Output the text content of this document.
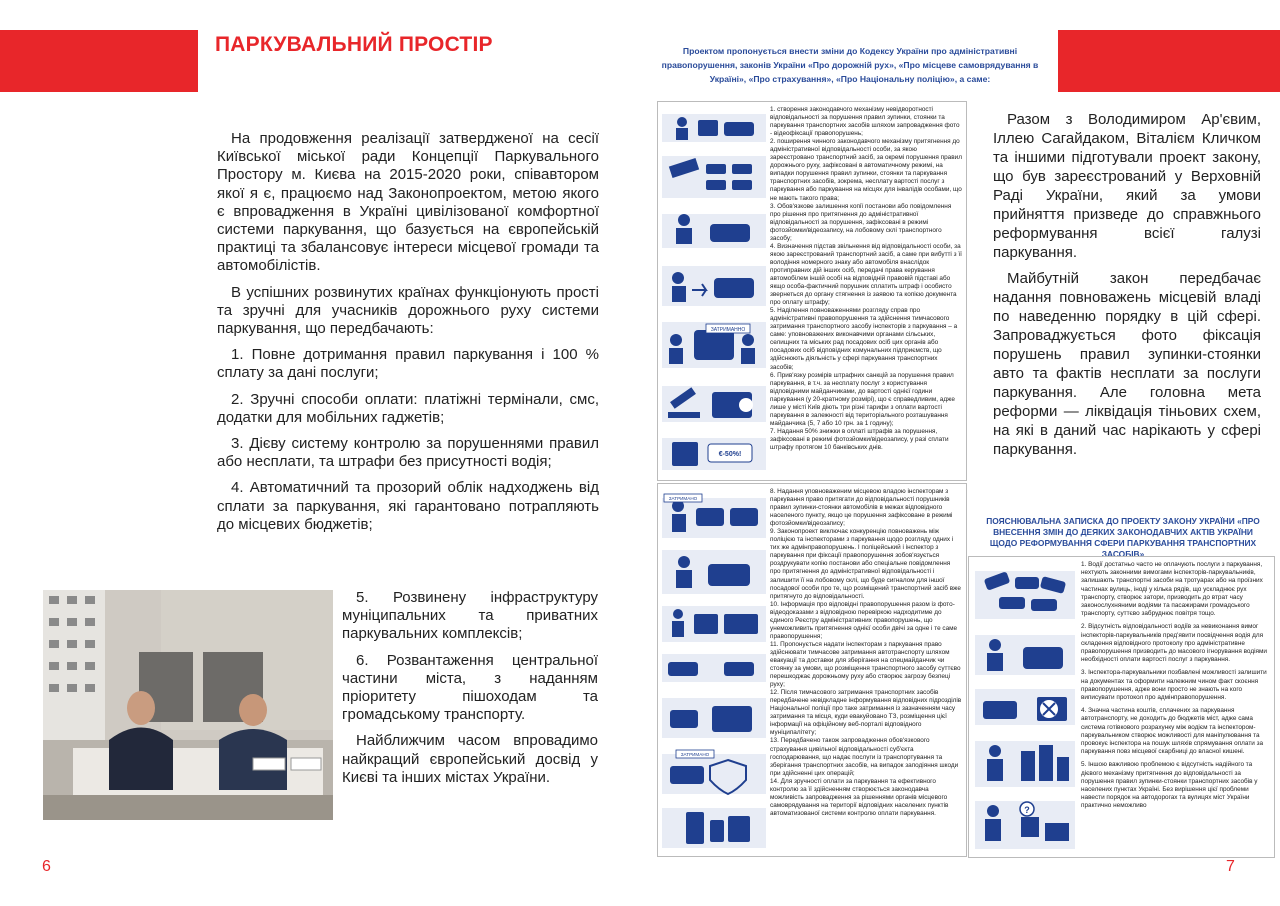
ПАРКУВАЛЬНИЙ ПРОСТІР

На продовження реалізації затвердженої на сесії Київської міської ради Концепції Паркувального Простору м. Києва на 2015-2020 роки, співавтором якої я є, працюємо над Законопроектом, метою якого є впровадження в Україні цивілізованої комфортної системи паркування, що базується на європейській практиці та збалансовує інтереси місцевої громади та автомобілістів.

В успішних розвинутих країнах функціонують прості та зручні для учасників дорожнього руху системи паркування, що передбачають:

1. Повне дотримання правил паркування і 100 % сплату за дані послуги;

2. Зручні способи оплати: платіжні термінали, смс, додатки для мобільних гаджетів;

3. Дієву систему контролю за порушеннями правил або несплати, та штрафи без присутності водія;

4. Автоматичний та прозорий облік надходжень від сплати за паркування, які гарантовано потрапляють до місцевих бюджетів;

5. Розвинену інфраструктуру муніципальних та приватних паркувальних комплексів;

6. Розвантаження центральної частини міста, з наданням пріоритету пішоходам та громадському транспорту.

Найближчим часом впровадимо найкращий європейський досвід у Києві та інших містах України.

6
Проектом пропонується внести зміни до Кодексу України про адміністративні правопорушення, законів України «Про дорожній рух», «Про місцеве самоврядування в Україні», «Про страхування», «Про Національну поліцію», а саме:
ЗАТРИМАННО
€-50%!
1. створення законодавчого механізму невідворотності відповідальності за порушення правил зупинки, стоянки та паркування транспортних засобів шляхом запровадження фото - відеофіксації правопорушень;
2. поширення чинного законодавчого механізму притягнення до адміністративної відповідальності особи, за якою зареєстровано транспортний засіб, за окремі порушення правил дорожнього руху, зафіксовані в автоматичному режимі, на випадки порушення правил зупинки, стоянки та паркування транспортних засобів, зокрема, несплату вартості послуг з паркування або паркування на місцях для інвалідів особами, що не мають такого права;
3. Обов'язкове залишення копії постанови або повідомлення про рішення про притягнення до адміністративної відповідальності за порушення, зафіксовані в режимі фотозйомки/відеозапису, на лобовому склі транспортного засобу;
4. Визначення підстав звільнення від відповідальності особи, за якою зареєстрований транспортний засіб, а саме при вибутті з її володіння номерного знаку або автомобіля внаслідок протиправних дій інших осіб, передачі права керування автомобілем іншій особі на відповідній правовій підставі або якщо особа-фактичний порушник сплатить штраф і особисто звернеться до органу стягнення із заявою та копією документа про оплату штрафу;
5. Наділення повноваженнями розгляду справ про адміністративні правопорушення та здійснення тимчасового затримання транспортного засобу інспекторів з паркування – а саме: уповноважених виконавчими органами сільських, селищних та міських рад посадових осіб цих органів або посадових осіб відповідних комунальних підприємств, що здійснюють діяльність у сфері паркування транспортних засобів;
6. Прив'язку розмірів штрафних санкцій за порушення правил паркування, в т.ч. за несплату послуг з користування відповідними майданчиками, до вартості однієї години паркування (у 20-кратному розмірі), що є справедливим, адже лише у місті Київ діють три різні тарифи з оплати вартості паркування в залежності від територіального розташування майданчика (5, 7 або 10 грн. за 1 годину);
7. Надання 50% знижки в оплаті штрафів за порушення, зафіксовані в режимі фотозйомки/відеозапису, у разі сплати штрафу протягом 10 банківських днів.
ЗАТРИМАНО
ЗАТРИМАНО
8. Надання уповноваженим місцевою владою інспекторам з паркування право притягати до відповідальності порушників правил зупинки-стоянки автомобілів в межах відповідного населеного пункту, якщо це порушення зафіксоване в режимі фотозйомки/відеозапису;
9. Законопроект виключає конкуренцію повноважень між поліцією та інспекторами з паркування щодо розгляду одних і тих же адмінправопорушень. І поліцейський і інспектор з паркування при фіксації правопорушення зобов'язується роздрукувати копію постанови або спеціальне повідомлення про притягнення до адміністративної відповідальності і залишити її на лобовому склі, що буде сигналом для іншої посадової особи про те, що розміщений транспортний засіб вже притягнуто до відповідальності.
10. Інформація про відповідні правопорушення разом із фото-відеодоказами з відповідною перевіркою надходитиме до єдиного Реєстру адміністративних правопорушень, що унеможливить притягнення однієї особи двічі за одне і те саме правопорушення;
11. Пропонується надати інспекторам з паркування право здійснювати тимчасове затримання автотранспорту шляхом евакуації та доставки для зберігання на спецмайданчик чи стоянку за умови, що розміщення транспортного засобу суттєво перешкоджає дорожньому руху або створює загрозу безпеці руху;
12. Після тимчасового затримання транспортних засобів передбачене невідкладне інформування відповідних підрозділів Національної поліції про таке затримання із зазначенням часу затримання та місця, куди евакуйовано ТЗ, розміщення цієї інформації на офіційному веб-порталі відповідного муніципалітету;
13. Передбачено також запровадження обов'язкового страхування цивільної відповідальності суб'єкта господарювання, що надає послуги із транспортування та зберігання транспортних засобів, на випадок заподіяння шкоди при здійсненні цих операцій;
14. Для зручності оплати за паркування та ефективного контролю за її здійсненням створюється законодавча можливість запровадження за рішеннями органів місцевого самоврядування на території відповідних населених пунктів автоматизованої системи контролю оплати паркування.

Разом з Володимиром Ар'євим, Іллею Сагайдаком, Віталієм Кличком та іншими підготували проект закону, що був зареєстрований у Верховній Раді України, який за умови прийняття призведе до справжнього реформування всієї галузі паркування.

Майбутній закон передбачає надання повноважень місцевій владі по наведенню порядку в цій сфері. Запроваджується фото фіксація порушень правил зупинки-стоянки авто та фактів несплати за послуги паркування. Але головна мета реформи — ліквідація тіньових схем, на які в даний час нарікають у сфері паркування.

ПОЯСНЮВАЛЬНА ЗАПИСКА ДО ПРОЕКТУ ЗАКОНУ УКРАЇНИ «ПРО ВНЕСЕННЯ ЗМІН ДО ДЕЯКИХ ЗАКОНОДАВЧИХ АКТІВ УКРАЇНИ ЩОДО РЕФОРМУВАННЯ СФЕРИ ПАРКУВАННЯ ТРАНСПОРТНИХ ЗАСОБІВ»
?
1. Водії достатньо часто не оплачують послуги з паркування, нехтують законними вимогами інспекторів-паркувальників, залишають транспортні засоби на тротуарах або на проїзних частинах вулиць, іноді у кілька рядів, що ускладнює рух транспорту, створює затори, призводить до втрат часу законослухняними водіями та пасажирами громадського транспорту, суттєво забруднює повітря тощо.
2. Відсутність відповідальності водіїв за невиконання вимог інспекторів-паркувальників пред'явити посвідчення водія для складення відповідного протоколу про адміністративне правопорушення призводить до масового ігнорування водіями необхідності оплати вартості послуг з паркування.
3. Інспектора-паркувальники позбавлені можливості залишити на документах та оформити належним чином факт скоєння правопорушення, адже вони просто не знають на кого виписувати протокол про адмінправопорушення.
4. Значна частина коштів, сплачених за паркування автотранспорту, не доходить до бюджетів міст, адже сама система готівкового розрахунку між водієм та інспектором-паркувальником створює можливості для маніпулювання та провокує інспектора на пошук шляхів спрямування оплати за паркування повз місцевої скарбниці до власної кишені.
5. Іншою важливою проблемою є відсутність надійного та дієвого механізму притягнення до відповідальності за порушення правил зупинки-стоянки транспортних засобів у населених пунктах Україні. Без вирішення цієї проблеми навести порядок на автодорогах та вулицях міст України практично неможливо
7
